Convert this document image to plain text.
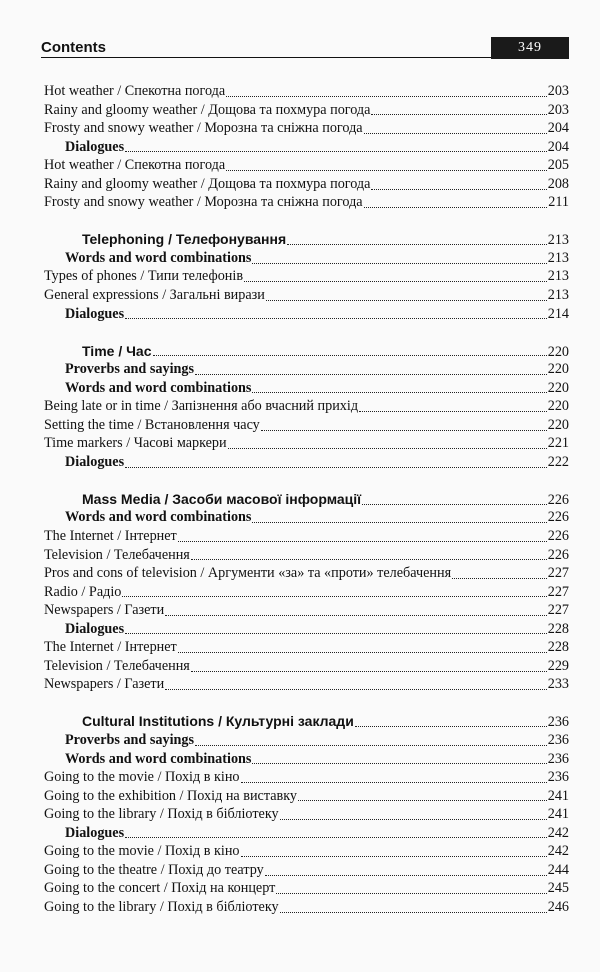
Contents	349
Hot weather / Спекотна погода	203
Rainy and gloomy weather / Дощова та похмура погода	203
Frosty and snowy weather / Морозна та сніжна погода	204
Dialogues	204
Hot weather / Спекотна погода	205
Rainy and gloomy weather / Дощова та похмура погода	208
Frosty and snowy weather / Морозна та сніжна погода	211
Telephoning / Телефонування	213
Words and word combinations	213
Types of phones / Типи телефонів	213
General expressions / Загальні вирази	213
Dialogues	214
Time / Час	220
Proverbs and sayings	220
Words and word combinations	220
Being late or in time / Запізнення або вчасний прихід	220
Setting the time / Встановлення часу	220
Time markers / Часові маркери	221
Dialogues	222
Mass Media / Засоби масової інформації	226
Words and word combinations	226
The Internet / Інтернет	226
Television / Телебачення	226
Pros and cons of television / Аргументи «за» та «проти» телебачення	227
Radio / Радіо	227
Newspapers / Газети	227
Dialogues	228
The Internet / Інтернет	228
Television / Телебачення	229
Newspapers / Газети	233
Cultural Institutions / Культурні заклади	236
Proverbs and sayings	236
Words and word combinations	236
Going to the movie / Похід в кіно	236
Going to the exhibition / Похід на виставку	241
Going to the library / Похід в бібліотеку	241
Dialogues	242
Going to the movie / Похід в кіно	242
Going to the theatre / Похід до театру	244
Going to the concert / Похід на концерт	245
Going to the library / Похід в бібліотеку	246
